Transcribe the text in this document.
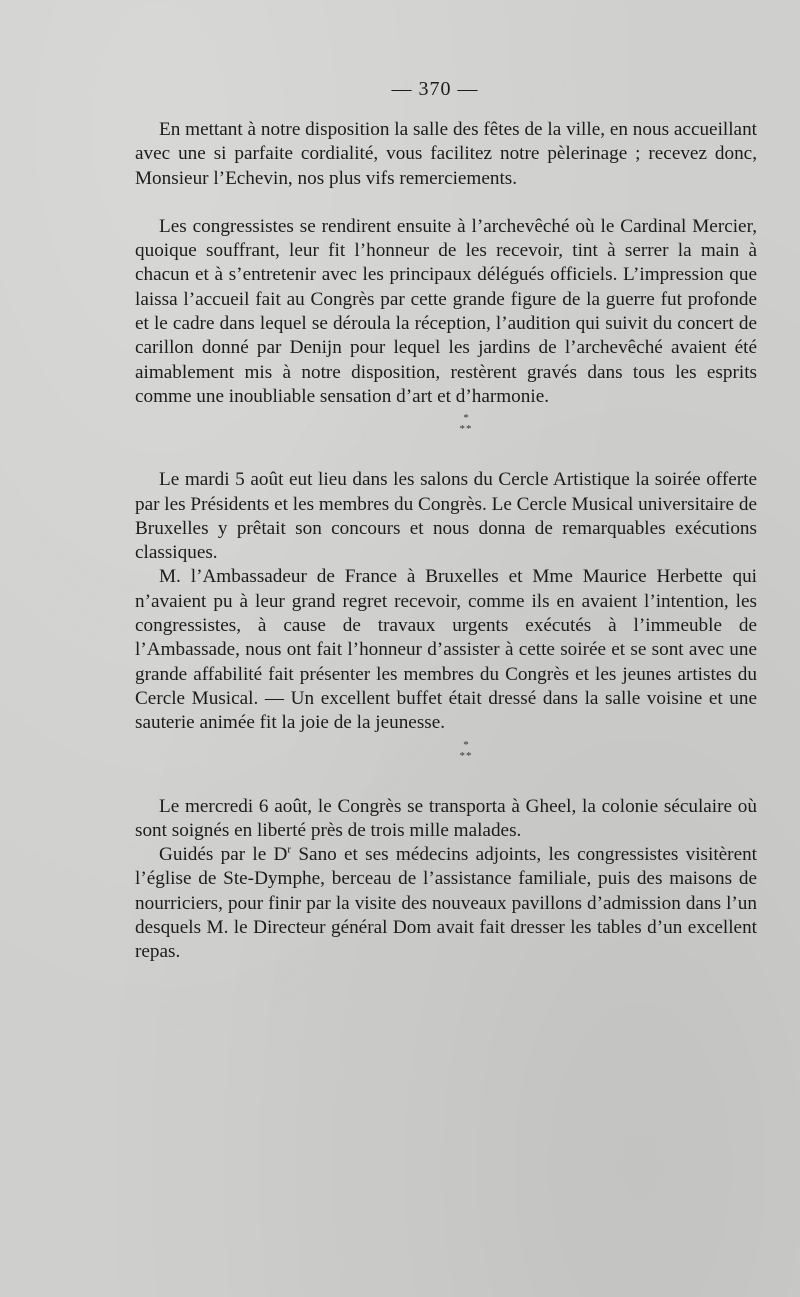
— 370 —

En mettant à notre disposition la salle des fêtes de la ville, en nous accueillant avec une si parfaite cordialité, vous facilitez notre pèlerinage ; recevez donc, Monsieur l’Echevin, nos plus vifs remerciements.

Les congressistes se rendirent ensuite à l’archevêché où le Cardinal Mercier, quoique souffrant, leur fit l’honneur de les recevoir, tint à serrer la main à chacun et à s’entretenir avec les principaux délégués officiels. L’impression que laissa l’accueil fait au Congrès par cette grande figure de la guerre fut profonde et le cadre dans lequel se déroula la réception, l’audition qui suivit du concert de carillon donné par Denijn pour lequel les jardins de l’archevêché avaient été aimablement mis à notre disposition, restèrent gravés dans tous les esprits comme une inoubliable sensation d’art et d’harmonie.

*
**

Le mardi 5 août eut lieu dans les salons du Cercle Artistique la soirée offerte par les Présidents et les membres du Congrès. Le Cercle Musical universitaire de Bruxelles y prêtait son concours et nous donna de remarquables exécutions classiques.

M. l’Ambassadeur de France à Bruxelles et Mme Maurice Herbette qui n’avaient pu à leur grand regret recevoir, comme ils en avaient l’intention, les congressistes, à cause de travaux urgents exécutés à l’immeuble de l’Ambassade, nous ont fait l’honneur d’assister à cette soirée et se sont avec une grande affabilité fait présenter les membres du Congrès et les jeunes artistes du Cercle Musical. — Un excellent buffet était dressé dans la salle voisine et une sauterie animée fit la joie de la jeunesse.

*
**

Le mercredi 6 août, le Congrès se transporta à Gheel, la colonie séculaire où sont soignés en liberté près de trois mille malades.

Guidés par le $D^r$ Sano et ses médecins adjoints, les congressistes visitèrent l’église de Ste-Dymphe, berceau de l’assistance familiale, puis des maisons de nourriciers, pour finir par la visite des nouveaux pavillons d’admission dans l’un desquels M. le Directeur général Dom avait fait dresser les tables d’un excellent repas.
